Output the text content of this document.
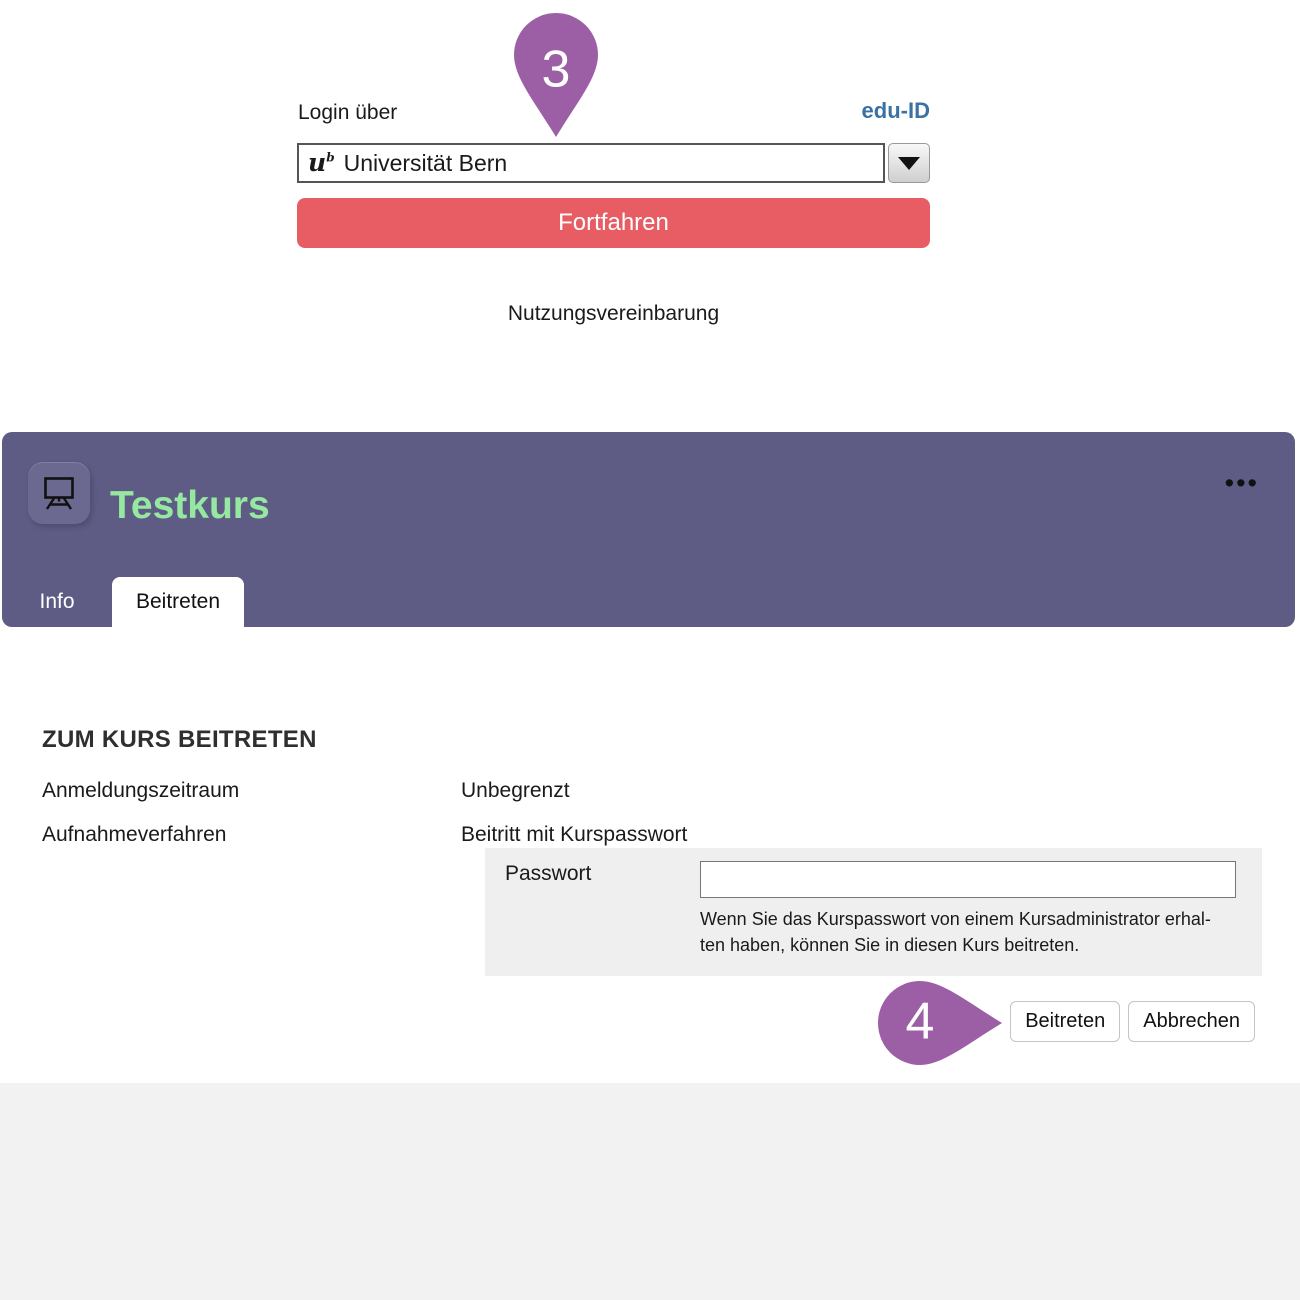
3
Login über	edu-ID
$u^b$ Universität Bern
Fortfahren
Nutzungsvereinbarung
Testkurs
•••
Info	Beitreten
ZUM KURS BEITRETEN
Anmeldungszeitraum	Unbegrenzt
Aufnahmeverfahren	Beitritt mit Kurspasswort
Passwort
Wenn Sie das Kurspasswort von einem Kursadministrator erhal-
ten haben, können Sie in diesen Kurs beitreten.
4	Beitreten	Abbrechen
